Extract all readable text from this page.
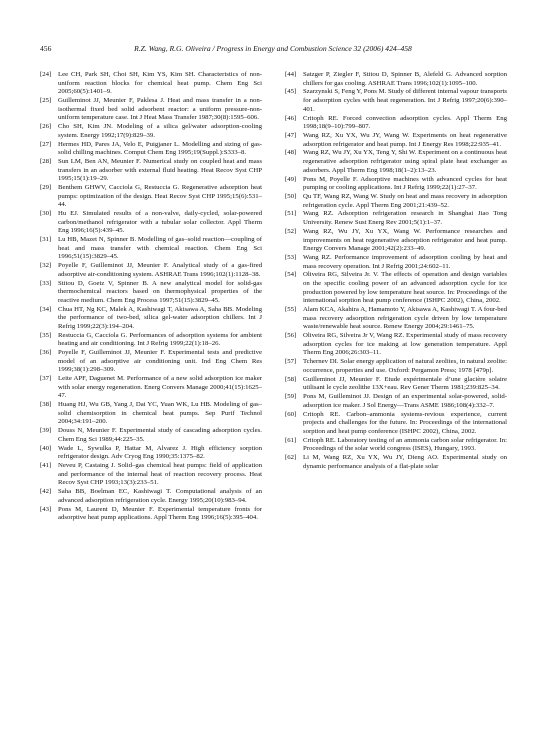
456	R.Z. Wang, R.G. Oliveira / Progress in Energy and Combustion Science 32 (2006) 424–458
[24] Lee CH, Park SH, Choi SH, Kim YS, Kim SH. Characteristics of non-uniform reaction blocks for chemical heat pump. Chem Eng Sci 2005;60(5):1401–9.
[25] Guilleminot JJ, Meunier F, Paklesa J. Heat and mass transfer in a non-isothermal fixed bed solid adsorbent reactor: a uniform pressure-non-uniform temperature case. Int J Heat Mass Transfer 1987;30(8):1595–606.
[26] Cho SH, Kim JN. Modeling of a silica gel/water adsorption-cooling system. Energy 1992;17(9):829–39.
[27] Hermes HD, Pares JA, Velo E, Puigjaner L. Modelling and sizing of gas-solid chilling machines. Comput Chem Eng 1995;19(Suppl.):S333–8.
[28] Sun LM, Ben AN, Meunier F. Numerical study on coupled heat and mass transfers in an adsorber with external fluid heating. Heat Recov Syst CHP 1995;15(1):19–29.
[29] Benthem GHWV, Cacciola G, Restuccia G. Regenerative adsorption heat pumps: optimization of the design. Heat Recov Syst CHP 1995;15(6):531–44.
[30] Hu EJ. Simulated results of a non-valve, daily-cycled, solar-powered carbon/methanol refrigerator with a tubular solar collector. Appl Therm Eng 1996;16(5):439–45.
[31] Lu HB, Mazet N, Spinner B. Modelling of gas–solid reaction—coupling of heat and mass transfer with chemical reaction. Chem Eng Sci 1996;51(15):3829–45.
[32] Poyelle F, Guilleminot JJ, Meunier F. Analytical study of a gas-fired adsorptive air-conditioning system. ASHRAE Trans 1996;102(1):1128–38.
[33] Stitou D, Goetz V, Spinner B. A new analytical model for solid-gas thermochemical reactors based on thermophysical properties of the reactive medium. Chem Eng Process 1997;51(15):3829–45.
[34] Chua HT, Ng KC, Malek A, Kashiwagi T, Akisawa A, Saha BB. Modeling the performance of two-bed, silica gel-water adsorption chillers. Int J Refrig 1999;22(3):194–204.
[35] Restuccia G, Cacciola G. Performances of adsorption systems for ambient heating and air conditioning. Int J Refrig 1999;22(1):18–26.
[36] Poyelle F, Guilleminot JJ, Meunier F. Experimental tests and predictive model of an adsorptive air conditioning unit. Ind Eng Chem Res 1999;38(1):298–309.
[37] Leite APF, Daguenet M. Performance of a new solid adsorption ice maker with solar energy regeneration. Energ Convers Manage 2000;41(15):1625–47.
[38] Huang HJ, Wu GB, Yang J, Dai YC, Yuan WK, Lu HB. Modeling of gas–solid chemisorption in chemical heat pumps. Sep Purif Technol 2004;34:191–200.
[39] Douss N, Meunier F. Experimental study of cascading adsorption cycles. Chem Eng Sci 1989;44:225–35.
[40] Wade L, Sywulka P, Hattar M, Alvarez J. High efficiency sorption refrigerator design. Adv Cryog Eng 1990;35:1375–82.
[41] Neveu P, Castaing J. Solid–gas chemical heat pumps: field of application and performance of the internal heat of reaction recovery process. Heat Recov Syst CHP 1993;13(3):233–51.
[42] Saha BB, Boelman EC, Kashiwagi T. Computational analysis of an advanced adsorption refrigeration cycle. Energy 1995;20(10):983–94.
[43] Pons M, Laurent D, Meunier F. Experimental temperature fronts for adsorptive heat pump applications. Appl Therm Eng 1996;16(5):395–404.
[44] Satzger P, Ziegler F, Stitou D, Spinner B, Alefeld G. Advanced sorption chillers for gas cooling. ASHRAE Trans 1996;102(1):1095–100.
[45] Szarzynski S, Feng Y, Pons M. Study of different internal vapour transports for adsorption cycles with heat regeneration. Int J Refrig 1997;20(6):390–401.
[46] Critoph RE. Forced convection adsorption cycles. Appl Therm Eng 1998;18(9–10):799–807.
[47] Wang RZ, Xu YX, Wu JY, Wang W. Experiments on heat regenerative adsorption refrigerator and heat pump. Int J Energy Res 1998;22:935–41.
[48] Wang RZ, Wu JY, Xu YX, Teng Y, Shi W. Experiment on a continuous heat regenerative adsorption refrigerator using spiral plate heat exchanger as adsorbers. Appl Therm Eng 1998;18(1–2):13–23.
[49] Pons M, Poyelle F. Adsorptive machines with advanced cycles for heat pumping or cooling applications. Int J Refrig 1999;22(1):27–37.
[50] Qu TF, Wang RZ, Wang W. Study on heat and mass recovery in adsorption refrigeration cycle. Appl Therm Eng 2001;21:439–52.
[51] Wang RZ. Adsorption refrigeration research in Shanghai Jiao Tong University. Renew Sust Energ Rev 2001;5(1):1–37.
[52] Wang RZ, Wu JY, Xu YX, Wang W. Performance researches and improvements on heat regenerative adsorption refrigerator and heat pump. Energy Convers Manage 2001;42(2):233–49.
[53] Wang RZ. Performance improvement of adsorption cooling by heat and mass recovery operation. Int J Refrig 2001;24:602–11.
[54] Oliveira RG, Silveira Jr. V. The effects of operation and design variables on the specific cooling power of an advanced adsorption cycle for ice production powered by low temperature heat source. In: Proceedings of the international sorption heat pump conference (ISHPC 2002), China, 2002.
[55] Alam KCA, Akahira A, Hamamoto Y, Akisawa A, Kashiwagi T. A four-bed mass recovery adsorption refrigeration cycle driven by low temperature waste/renewable heat source. Renew Energy 2004;29:1461–75.
[56] Oliveira RG, Silveira Jr V, Wang RZ. Experimental study of mass recovery adsorption cycles for ice making at low generation temperature. Appl Therm Eng 2006;26:303–11.
[57] Tchernev DI. Solar energy application of natural zeolites, in natural zeolite: occurrence, properties and use. Oxford: Pergamon Press; 1978 [479p].
[58] Guilleminot JJ, Meunier F. Etude expérimentale d’une glacière solaire utilisant le cycle zeolithe 13X+eau. Rev Gener Therm 1981;239:825–34.
[59] Pons M, Guilleminot JJ. Design of an experimental solar-powered, solid-adsorption ice maker. J Sol Energy—Trans ASME 1986;108(4):332–7.
[60] Critoph RE. Carbon–ammonia systems-revious experience, current projects and challenges for the future. In: Proceedings of the international sorption and heat pump conference (ISHPC 2002), China, 2002.
[61] Critoph RE. Laboratory testing of an ammonia carbon solar refrigerator. In: Proceedings of the solar world congress (ISES), Hungary, 1993.
[62] Li M, Wang RZ, Xu YX, Wu JY, Dieng AO. Experimental study on dynamic performance analysis of a flat-plate solar
